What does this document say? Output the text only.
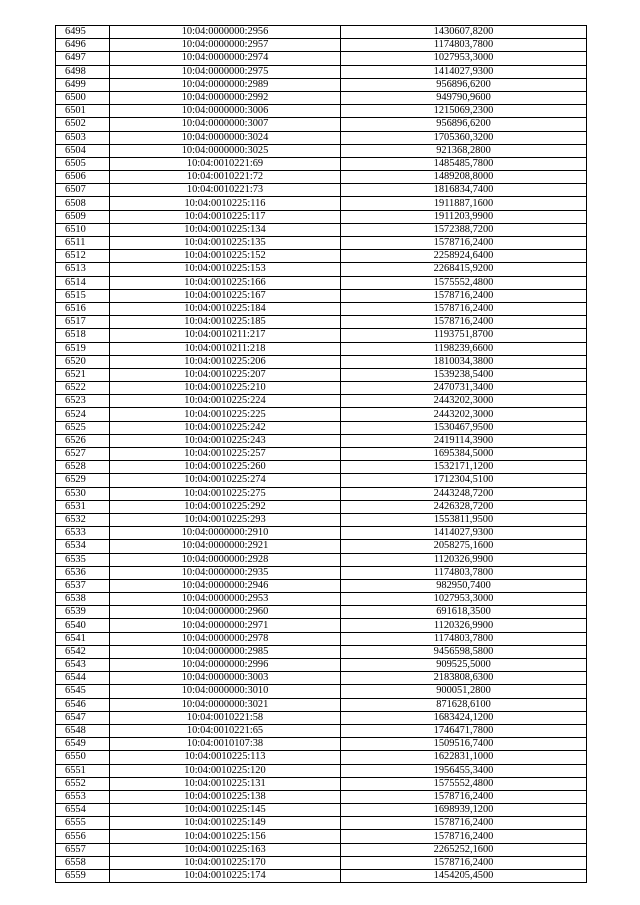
6495	10:04:0000000:2956	1430607,8200
6496	10:04:0000000:2957	1174803,7800
6497	10:04:0000000:2974	1027953,3000
6498	10:04:0000000:2975	1414027,9300
6499	10:04:0000000:2989	956896,6200
6500	10:04:0000000:2992	949790,9600
6501	10:04:0000000:3006	1215069,2300
6502	10:04:0000000:3007	956896,6200
6503	10:04:0000000:3024	1705360,3200
6504	10:04:0000000:3025	921368,2800
6505	10:04:0010221:69	1485485,7800
6506	10:04:0010221:72	1489208,8000
6507	10:04:0010221:73	1816834,7400
6508	10:04:0010225:116	1911887,1600
6509	10:04:0010225:117	1911203,9900
6510	10:04:0010225:134	1572388,7200
6511	10:04:0010225:135	1578716,2400
6512	10:04:0010225:152	2258924,6400
6513	10:04:0010225:153	2268415,9200
6514	10:04:0010225:166	1575552,4800
6515	10:04:0010225:167	1578716,2400
6516	10:04:0010225:184	1578716,2400
6517	10:04:0010225:185	1578716,2400
6518	10:04:0010211:217	1193751,8700
6519	10:04:0010211:218	1198239,6600
6520	10:04:0010225:206	1810034,3800
6521	10:04:0010225:207	1539238,5400
6522	10:04:0010225:210	2470731,3400
6523	10:04:0010225:224	2443202,3000
6524	10:04:0010225:225	2443202,3000
6525	10:04:0010225:242	1530467,9500
6526	10:04:0010225:243	2419114,3900
6527	10:04:0010225:257	1695384,5000
6528	10:04:0010225:260	1532171,1200
6529	10:04:0010225:274	1712304,5100
6530	10:04:0010225:275	2443248,7200
6531	10:04:0010225:292	2426328,7200
6532	10:04:0010225:293	1553811,9500
6533	10:04:0000000:2910	1414027,9300
6534	10:04:0000000:2921	2058275,1600
6535	10:04:0000000:2928	1120326,9900
6536	10:04:0000000:2935	1174803,7800
6537	10:04:0000000:2946	982950,7400
6538	10:04:0000000:2953	1027953,3000
6539	10:04:0000000:2960	691618,3500
6540	10:04:0000000:2971	1120326,9900
6541	10:04:0000000:2978	1174803,7800
6542	10:04:0000000:2985	9456598,5800
6543	10:04:0000000:2996	909525,5000
6544	10:04:0000000:3003	2183808,6300
6545	10:04:0000000:3010	900051,2800
6546	10:04:0000000:3021	871628,6100
6547	10:04:0010221:58	1683424,1200
6548	10:04:0010221:65	1746471,7800
6549	10:04:0010107:38	1509516,7400
6550	10:04:0010225:113	1622831,1000
6551	10:04:0010225:120	1956455,3400
6552	10:04:0010225:131	1575552,4800
6553	10:04:0010225:138	1578716,2400
6554	10:04:0010225:145	1698939,1200
6555	10:04:0010225:149	1578716,2400
6556	10:04:0010225:156	1578716,2400
6557	10:04:0010225:163	2265252,1600
6558	10:04:0010225:170	1578716,2400
6559	10:04:0010225:174	1454205,4500
